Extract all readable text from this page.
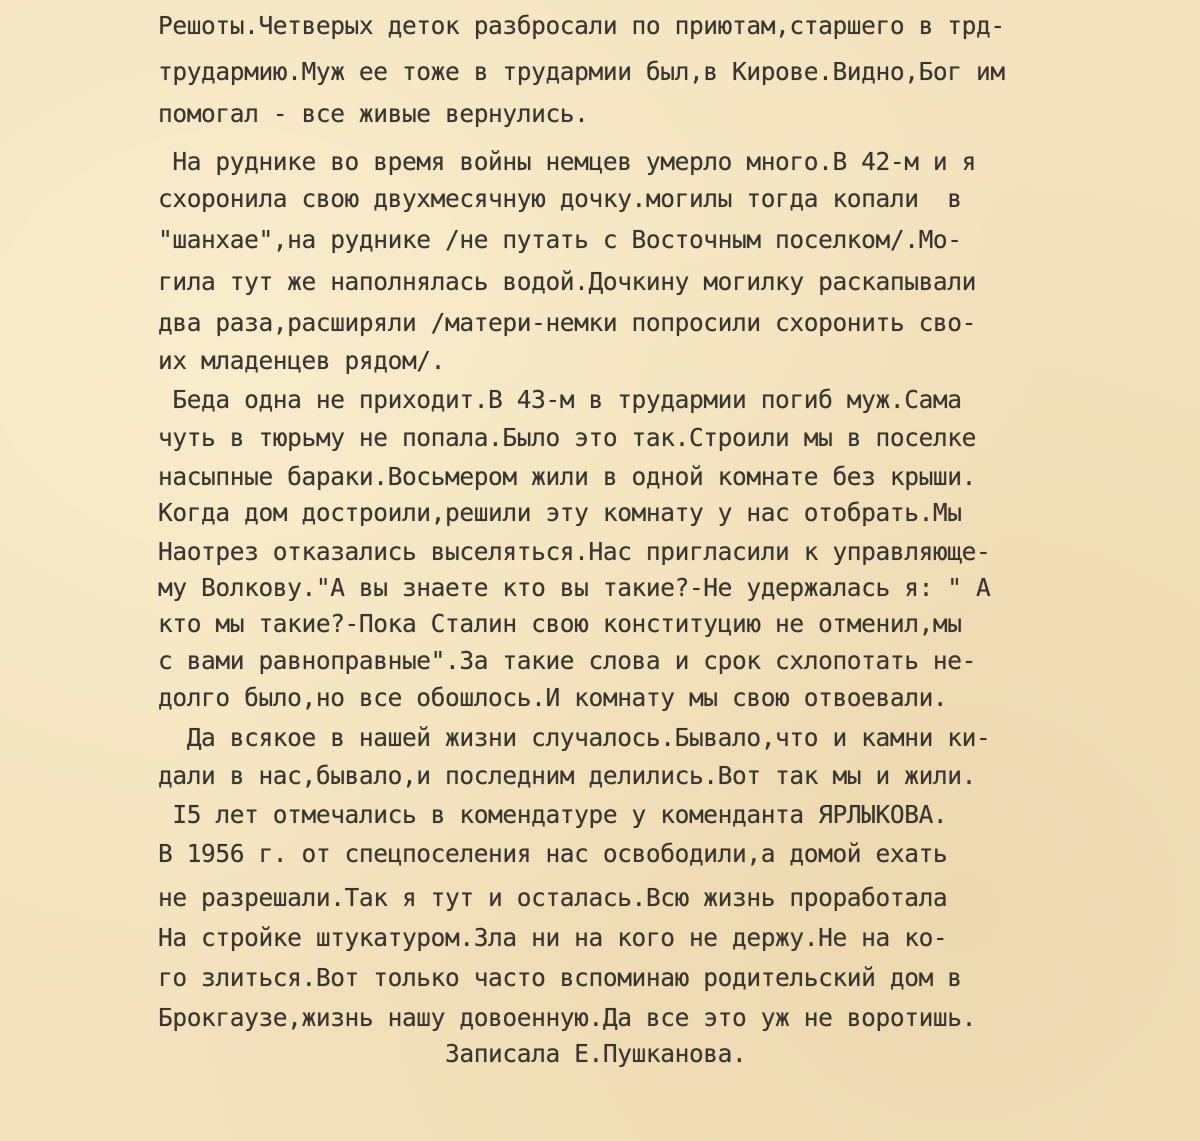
Решоты.Четверых деток разбросали по приютам,старшего в трд-
трудармию.Муж ее тоже в трудармии был,в Кирове.Видно,Бог им
помогал - все живые вернулись.
На руднике во время войны немцев умерло много.В 42-м и я
схоронила свою двухмесячную дочку.могилы тогда копали  в
"шанхае",на руднике /не путать с Восточным поселком/.Мо-
гила тут же наполнялась водой.Дочкину могилку раскапывали
два раза,расширяли /матери-немки попросили схоронить сво-
их младенцев рядом/.
Беда одна не приходит.В 43-м в трудармии погиб муж.Сама
чуть в тюрьму не попала.Было это так.Строили мы в поселке
насыпные бараки.Восьмером жили в одной комнате без крыши.
Когда дом достроили,решили эту комнату у нас отобрать.Мы
Наотрез отказались выселяться.Нас пригласили к управляюще-
му Волкову."А вы знаете кто вы такие?-Не удержалась я: " А
кто мы такие?-Пока Сталин свою конституцию не отменил,мы
с вами равноправные".За такие слова и срок схлопотать не-
долго было,но все обошлось.И комнату мы свою отвоевали.
Да всякое в нашей жизни случалось.Бывало,что и камни ки-
дали в нас,бывало,и последним делились.Вот так мы и жили.
I5 лет отмечались в комендатуре у коменданта ЯРЛЫКОВА.
В 1956 г. от спецпоселения нас освободили,а домой ехать
не разрешали.Так я тут и осталась.Всю жизнь проработала
На стройке штукатуром.Зла ни на кого не держу.Не на ко-
го злиться.Вот только часто вспоминаю родительский дом в
Брокгаузе,жизнь нашу довоенную.Да все это уж не воротишь.
Записала Е.Пушканова.
